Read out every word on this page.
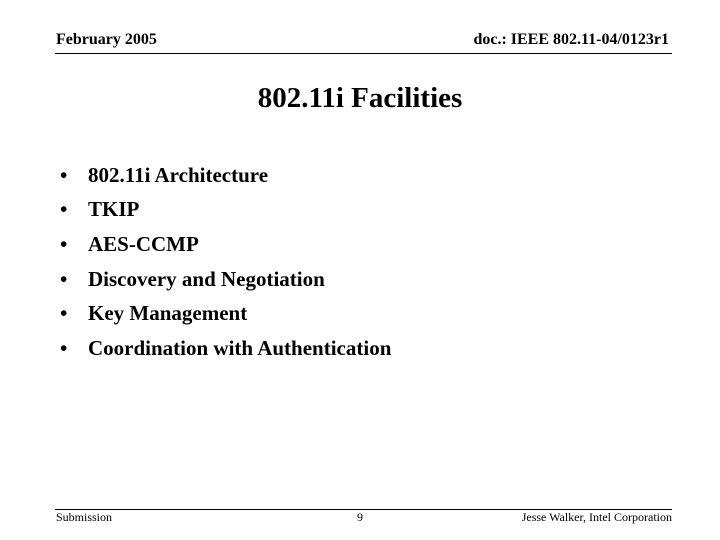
February 2005	doc.: IEEE 802.11-04/0123r1
802.11i Facilities
• 802.11i Architecture
• TKIP
• AES-CCMP
• Discovery and Negotiation
• Key Management
• Coordination with Authentication
Submission	9	Jesse Walker, Intel Corporation
